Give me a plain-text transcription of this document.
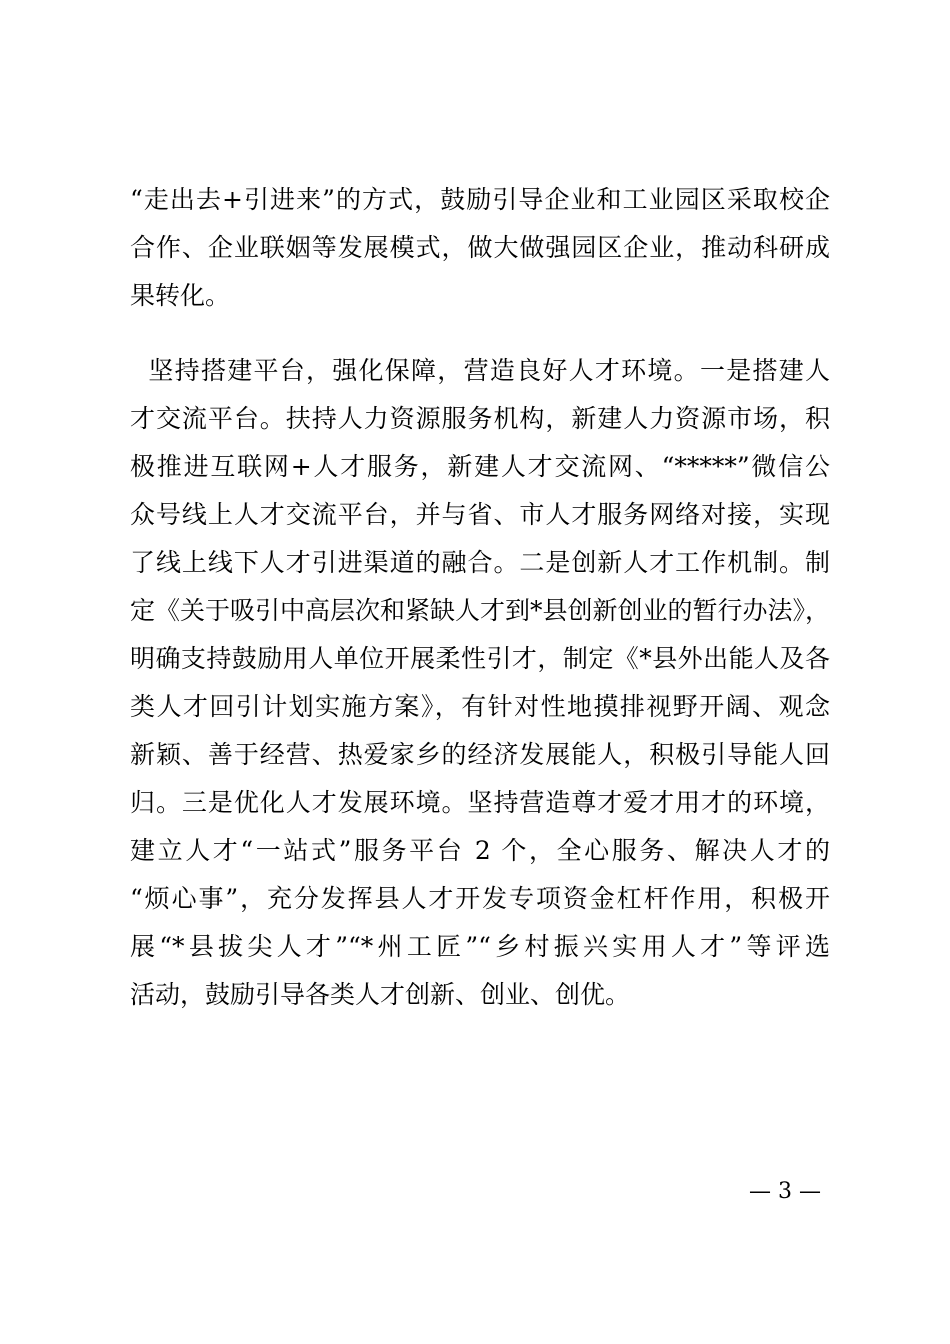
“走出去+引进来”的方式，鼓励引导企业和工业园区采取校企
合作、企业联姻等发展模式，做大做强园区企业，推动科研成
果转化。
坚持搭建平台，强化保障，营造良好人才环境。一是搭建人
才交流平台。扶持人力资源服务机构，新建人力资源市场，积
极推进互联网+人才服务，新建人才交流网、“*****”微信公
众号线上人才交流平台，并与省、市人才服务网络对接，实现
了线上线下人才引进渠道的融合。二是创新人才工作机制。制
定《关于吸引中高层次和紧缺人才到*县创新创业的暂行办法》，
明确支持鼓励用人单位开展柔性引才，制定《*县外出能人及各
类人才回引计划实施方案》，有针对性地摸排视野开阔、观念
新颖、善于经营、热爱家乡的经济发展能人，积极引导能人回
归。三是优化人才发展环境。坚持营造尊才爱才用才的环境，
建立人才“一站式”服务平台 2 个，全心服务、解决人才的
“烦心事”，充分发挥县人才开发专项资金杠杆作用，积极开
展“*县拔尖人才”“*州工匠”“乡村振兴实用人才”等评选
活动，鼓励引导各类人才创新、创业、创优。
— 3 —
